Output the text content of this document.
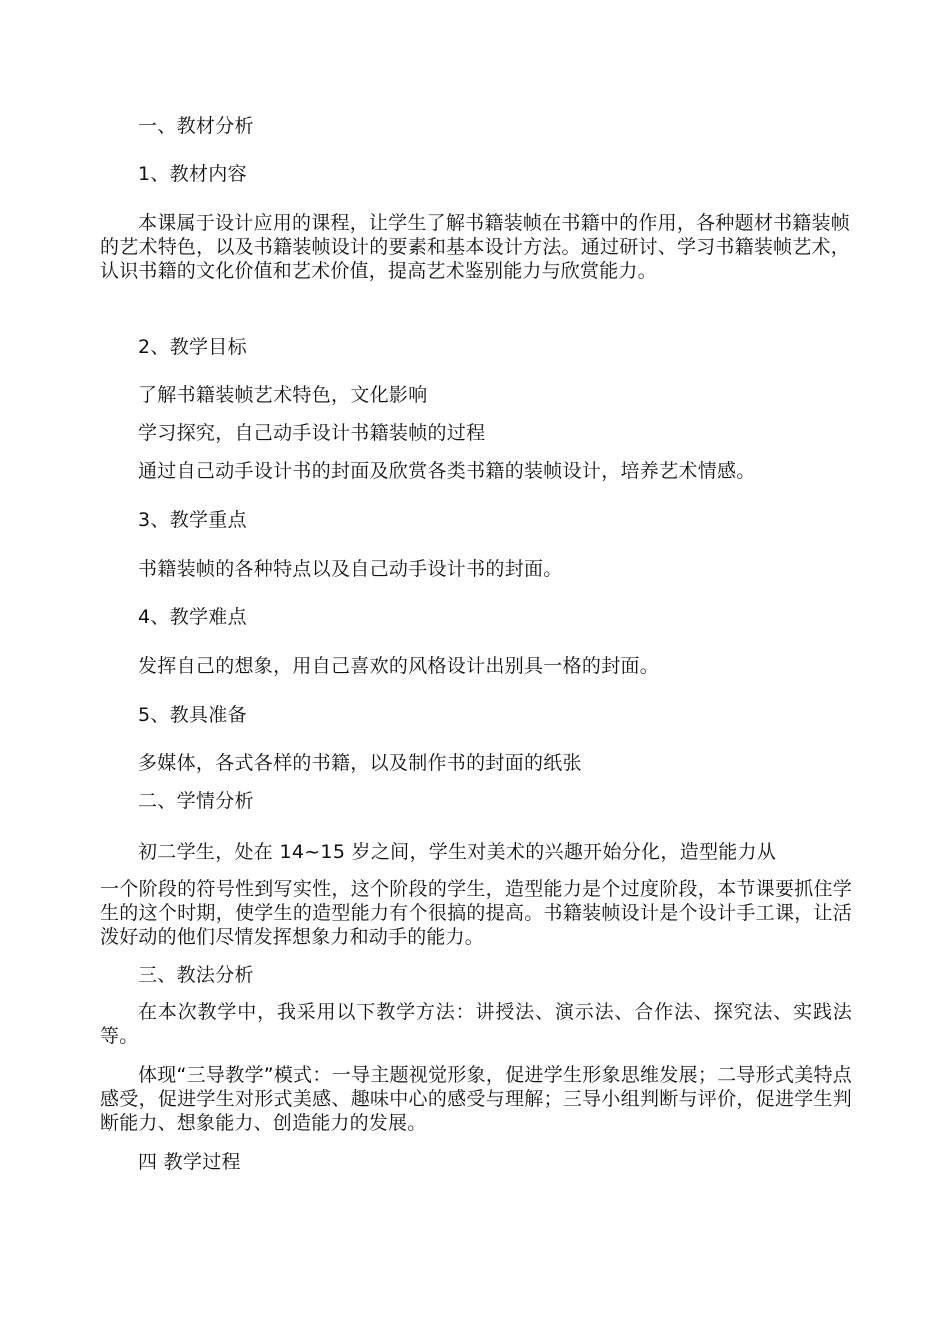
一、教材分析
1、教材内容
本课属于设计应用的课程，让学生了解书籍装帧在书籍中的作用，各种题材书籍装帧的艺术特色，以及书籍装帧设计的要素和基本设计方法。通过研讨、学习书籍装帧艺术，认识书籍的文化价值和艺术价值，提高艺术鉴别能力与欣赏能力。
2、教学目标
了解书籍装帧艺术特色，文化影响
学习探究，自己动手设计书籍装帧的过程
通过自己动手设计书的封面及欣赏各类书籍的装帧设计，培养艺术情感。
3、教学重点
书籍装帧的各种特点以及自己动手设计书的封面。
4、教学难点
发挥自己的想象，用自己喜欢的风格设计出别具一格的封面。
5、教具准备
多媒体，各式各样的书籍，以及制作书的封面的纸张
二、学情分析
初二学生，处在 14~15 岁之间，学生对美术的兴趣开始分化，造型能力从
一个阶段的符号性到写实性，这个阶段的学生，造型能力是个过度阶段，本节课要抓住学生的这个时期，使学生的造型能力有个很搞的提高。书籍装帧设计是个设计手工课，让活泼好动的他们尽情发挥想象力和动手的能力。
三、教法分析
在本次教学中，我采用以下教学方法：讲授法、演示法、合作法、探究法、实践法等。
体现“三导教学”模式：一导主题视觉形象，促进学生形象思维发展；二导形式美特点感受，促进学生对形式美感、趣味中心的感受与理解；三导小组判断与评价，促进学生判断能力、想象能力、创造能力的发展。
四 教学过程
